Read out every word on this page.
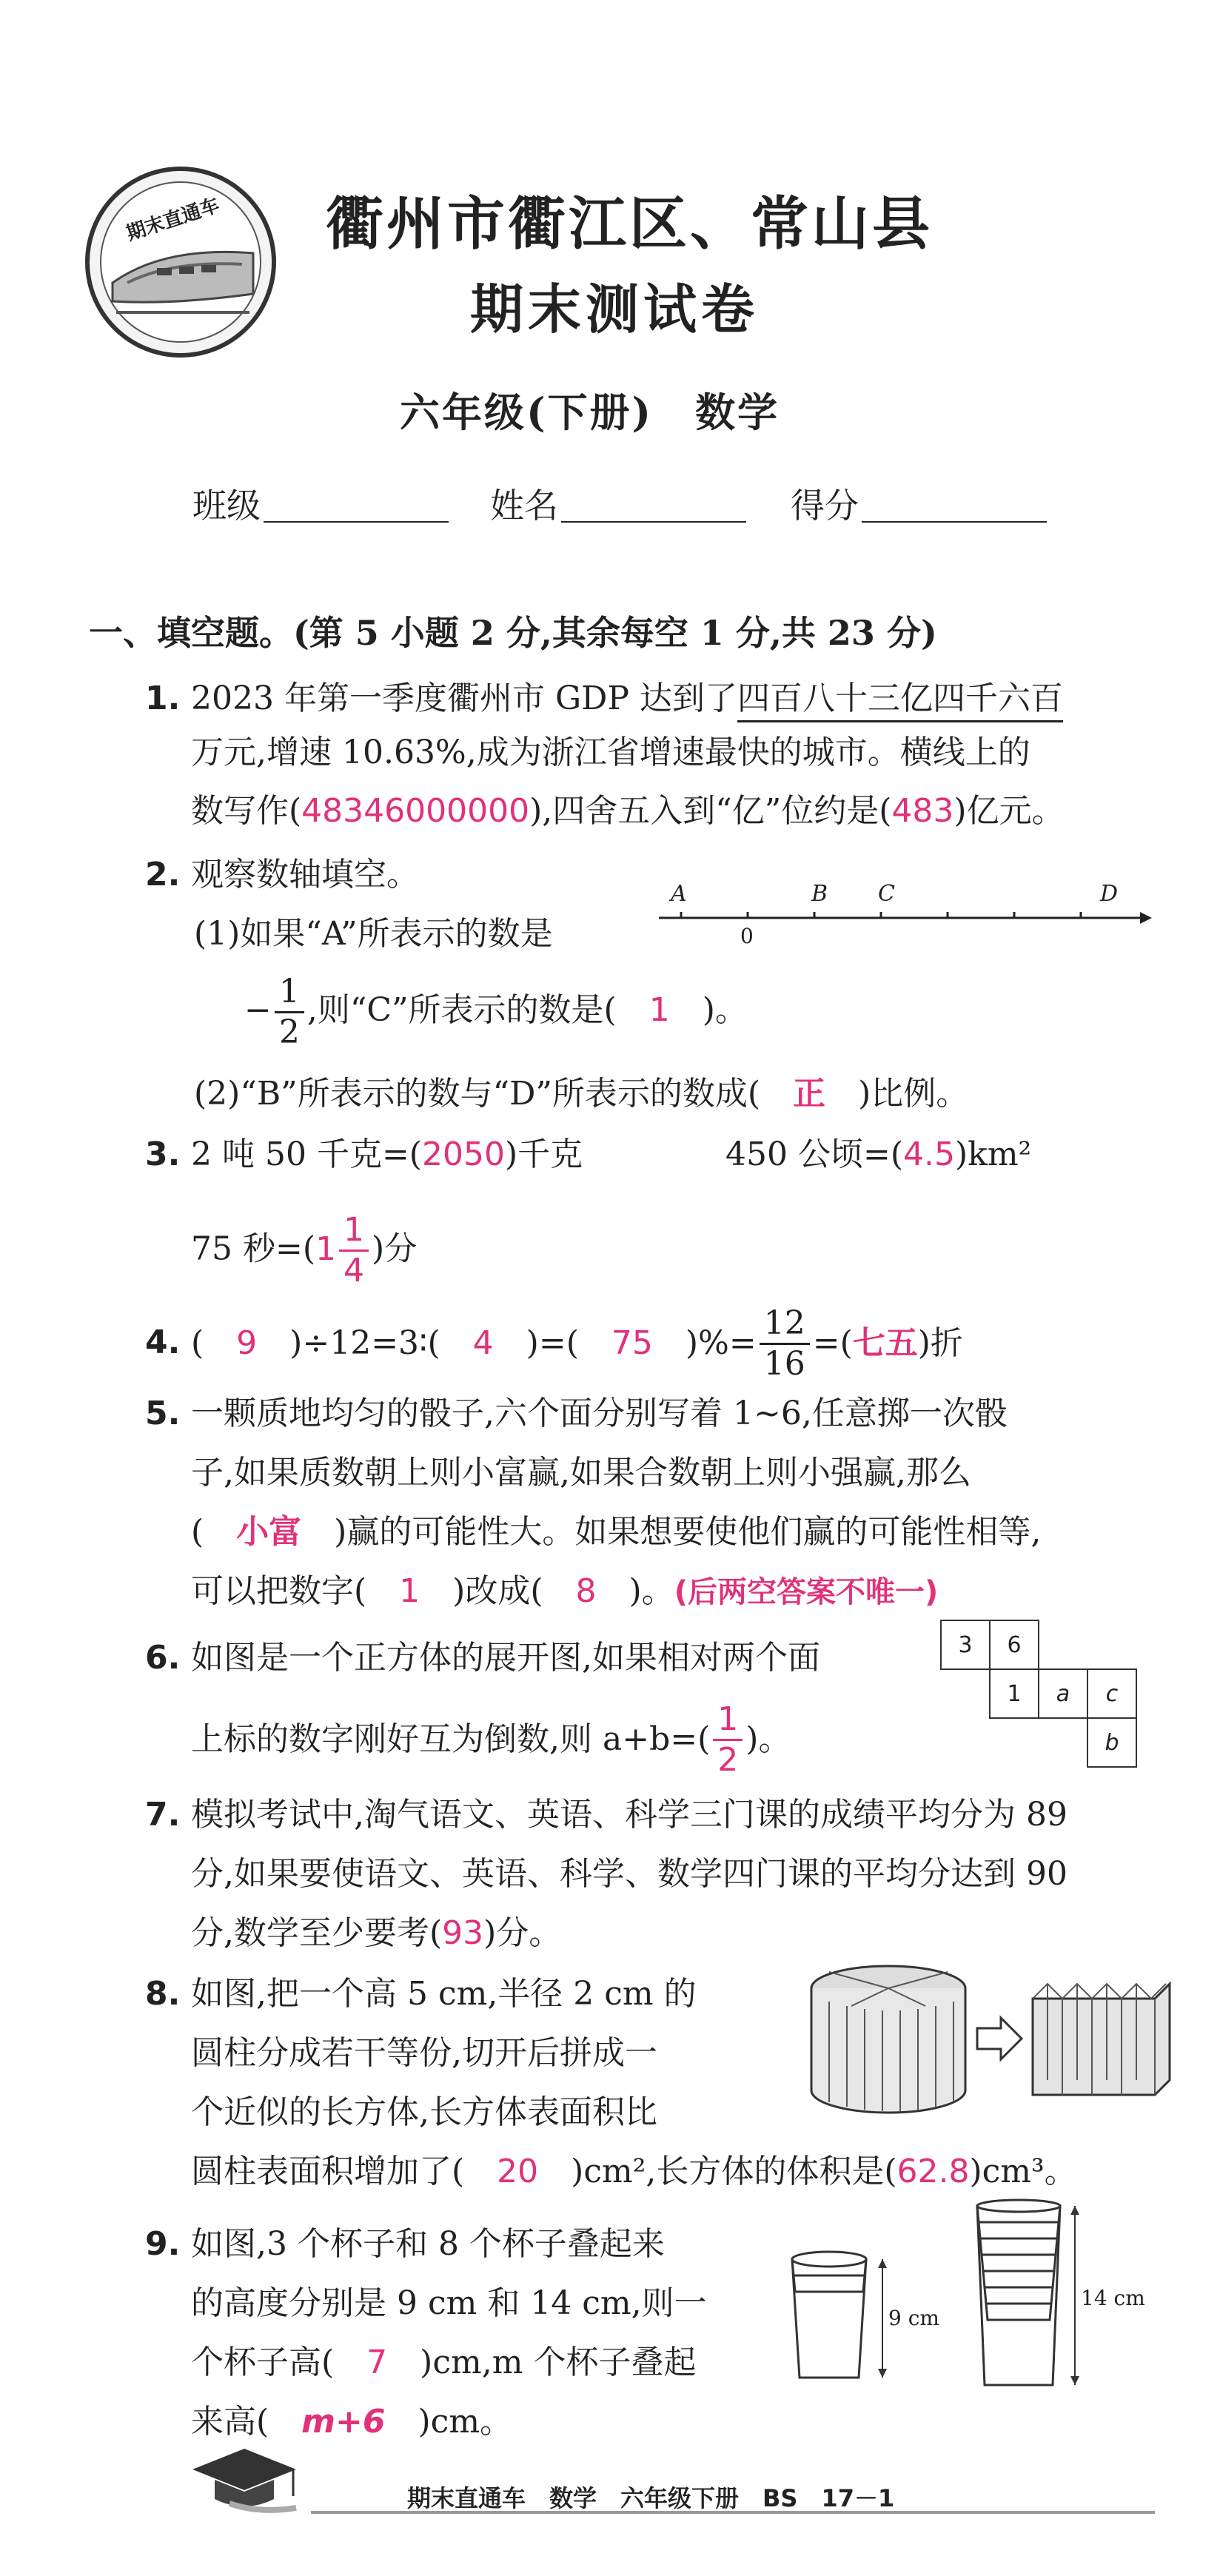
期末直通车 衢州市衢江区、常山县
期末测试卷
六年级(下册)　数学
班级	姓名	得分
一、填空题。(第 5 小题 2 分,其余每空 1 分,共 23 分)
1. 2023 年第一季度衢州市 GDP 达到了四百八十三亿四千六百
万元,增速 10.63%,成为浙江省增速最快的城市。横线上的
数写作(48346000000),四舍五入到“亿”位约是(483)亿元。
2. 观察数轴填空。
(1)如果“A”所表示的数是
A	B C	D
0
− $\frac{1}{2}$ ,则“C”所表示的数是(　 1　 )。
(2)“B”所表示的数与“D”所表示的数成(　 正　 )比例。
3. 2 吨 50 千克=(2050)千克	450 公顷=(4.5)km²
75 秒$=(1 \frac{1}{4}$ )分
4. (　 9
　 )÷12=3∶(
　 4
　 )=(
　 75
　 )%= $\frac{12}{16}$ =( 七五 )折
5. 一颗质地均匀的骰子,六个面分别写着 1~6,任意掷一次骰
子,如果质数朝上则小富赢,如果合数朝上则小强赢,那么
(　小富　 )赢的可能性大。如果想要使他们赢的可能性相等,
可以把数字(　 1　 )改成(　 8　 )。(后两空答案不唯一)
6. 如图是一个正方体的展开图,如果相对两个面
上标的数字刚好互为倒数,则 $a+b=( \frac{1}{2}$ )。
3	6
1	a	c
b
7. 模拟考试中,淘气语文、英语、科学三门课的成绩平均分为 89
分,如果要使语文、英语、科学、数学四门课的平均分达到 90
分,数学至少要考(93)分。
8. 如图,把一个高 5 cm,半径 2 cm 的
圆柱分成若干等份,切开后拼成一
个近似的长方体,长方体表面积比
圆柱表面积增加了(　 20　 )cm²,长方体的体积是(62.8)cm³。
9. 如图,3 个杯子和 8 个杯子叠起来
的高度分别是 9 cm 和 14 cm,则一
个杯子高(　 7　 )cm,m 个杯子叠起
来高(　 m+6　 )cm。
9 cm
14 cm
期末直通车　数学　六年级下册　BS　17－1
